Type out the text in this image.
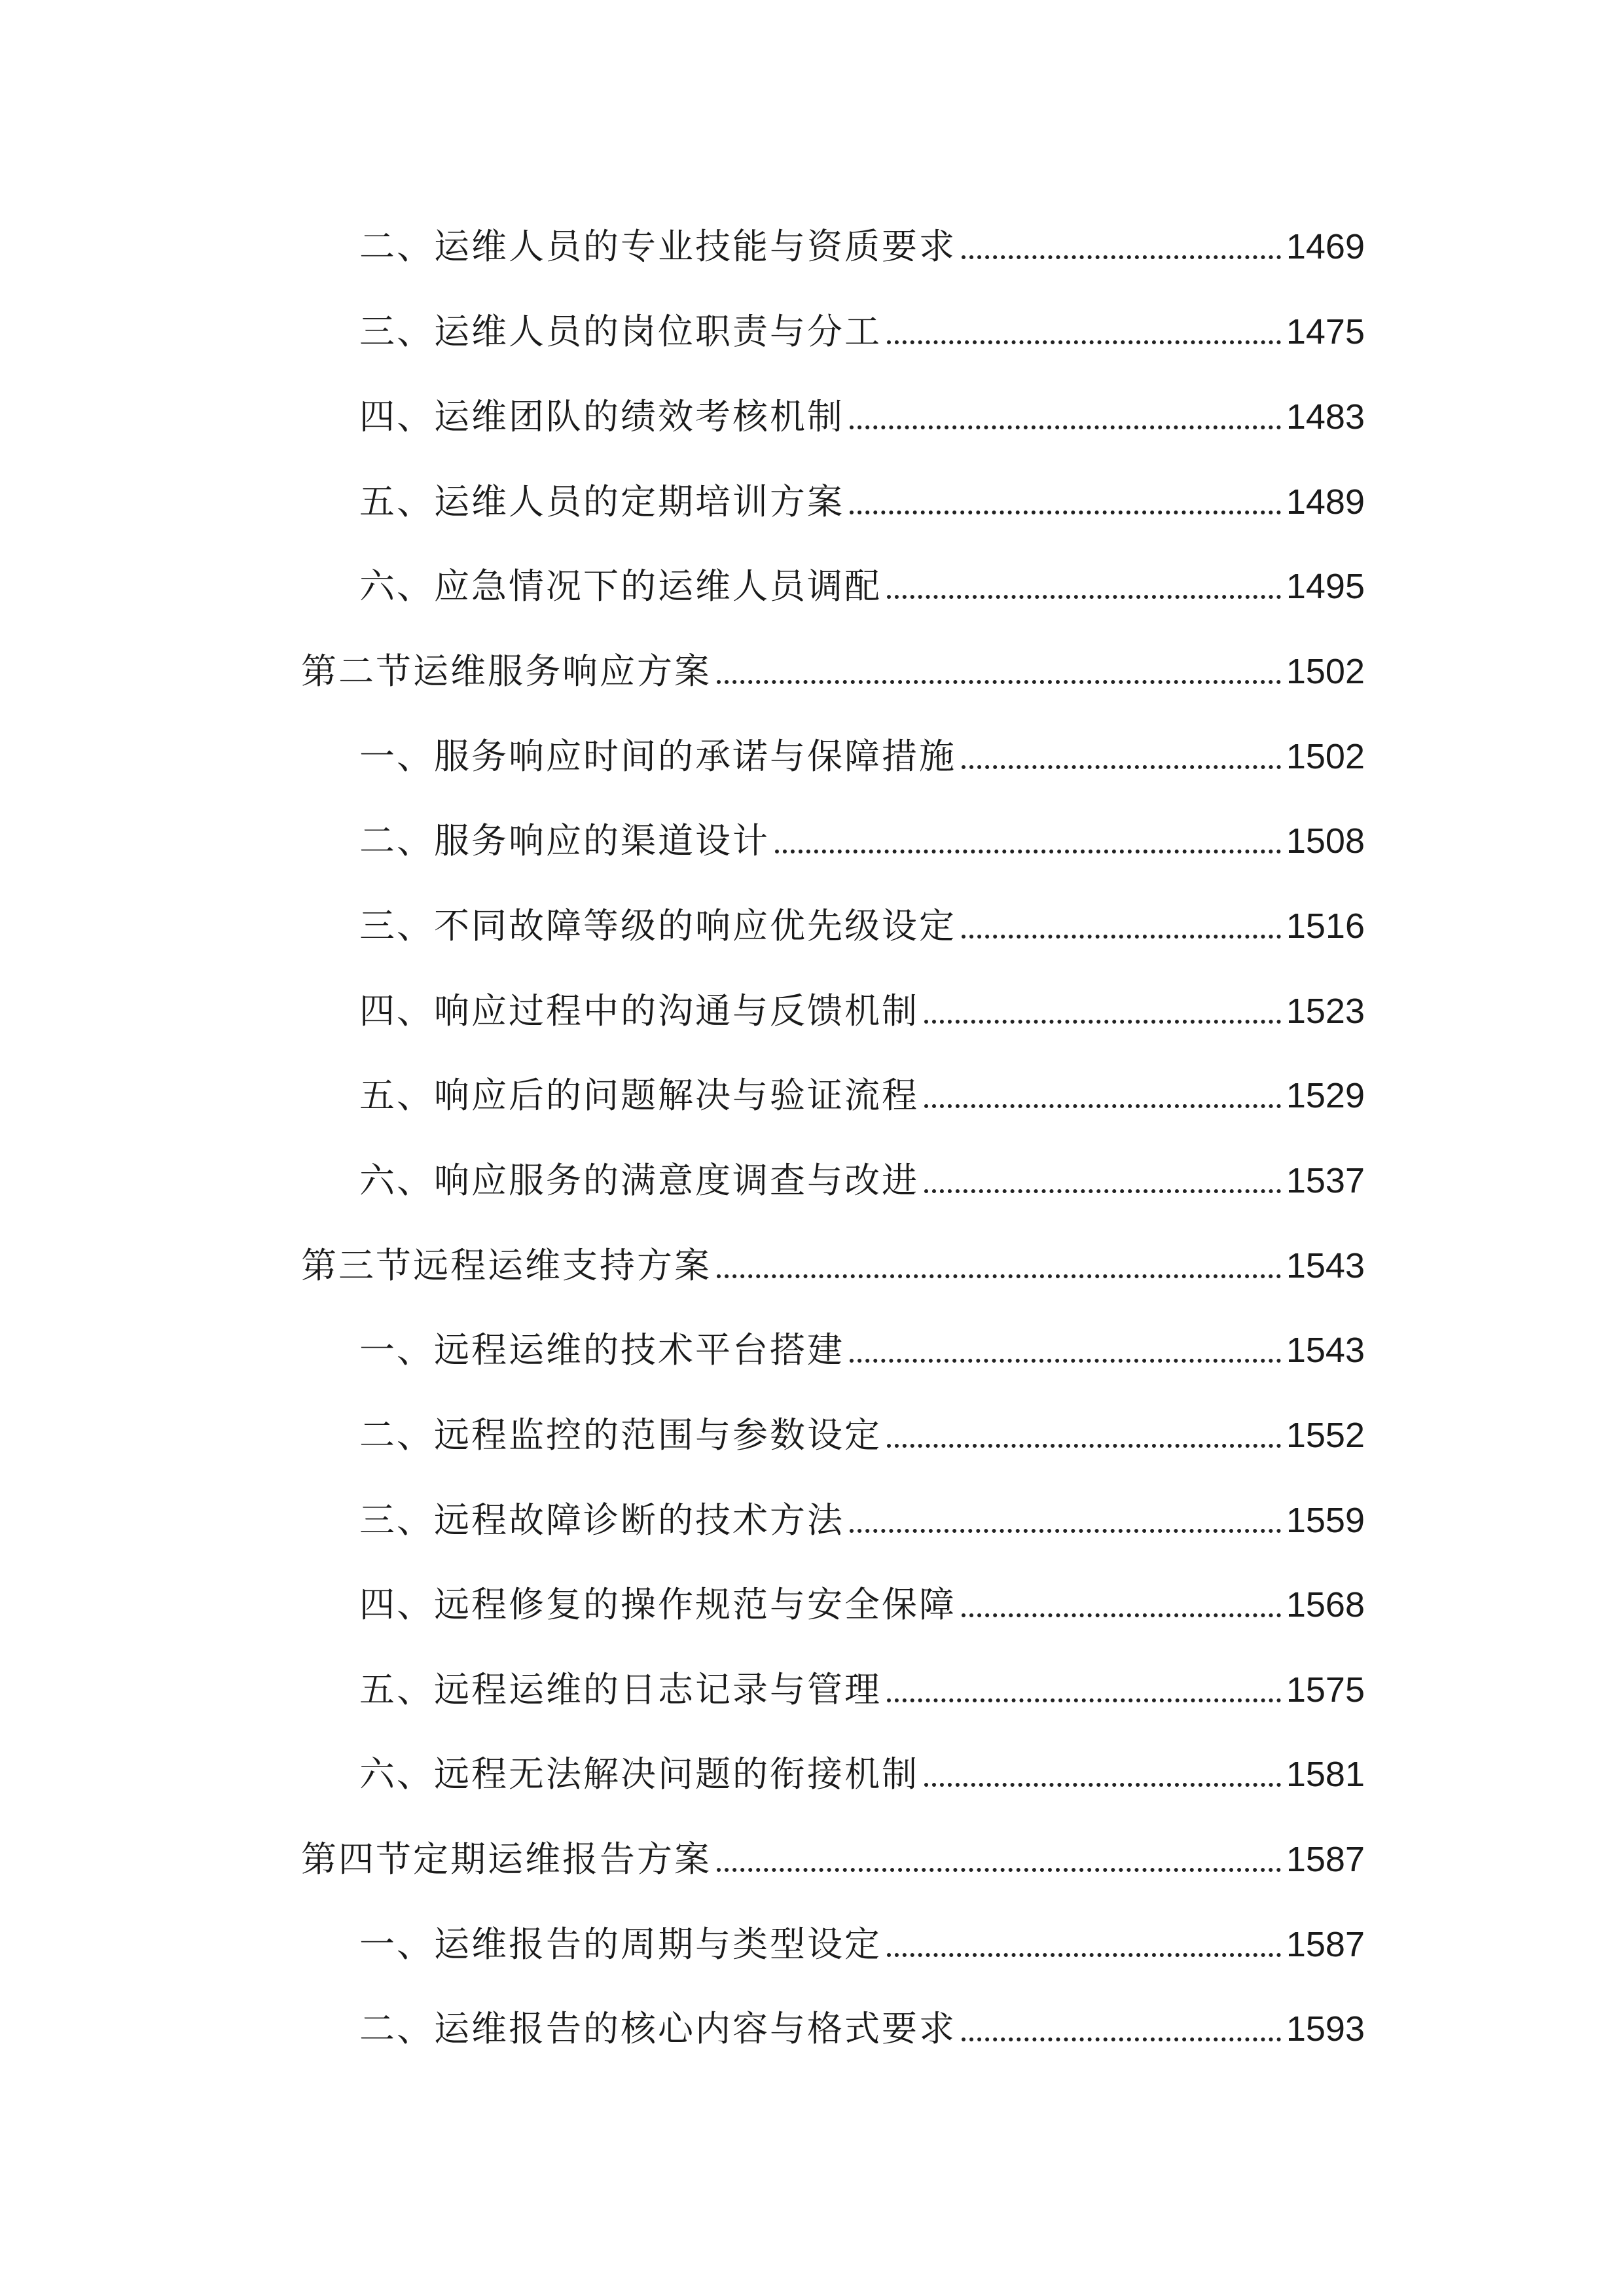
二、运维人员的专业技能与资质要求	1469
三、运维人员的岗位职责与分工	1475
四、运维团队的绩效考核机制	1483
五、运维人员的定期培训方案	1489
六、应急情况下的运维人员调配	1495
第二节运维服务响应方案	1502
一、服务响应时间的承诺与保障措施	1502
二、服务响应的渠道设计	1508
三、不同故障等级的响应优先级设定	1516
四、响应过程中的沟通与反馈机制	1523
五、响应后的问题解决与验证流程	1529
六、响应服务的满意度调查与改进	1537
第三节远程运维支持方案	1543
一、远程运维的技术平台搭建	1543
二、远程监控的范围与参数设定	1552
三、远程故障诊断的技术方法	1559
四、远程修复的操作规范与安全保障	1568
五、远程运维的日志记录与管理	1575
六、远程无法解决问题的衔接机制	1581
第四节定期运维报告方案	1587
一、运维报告的周期与类型设定	1587
二、运维报告的核心内容与格式要求	1593
